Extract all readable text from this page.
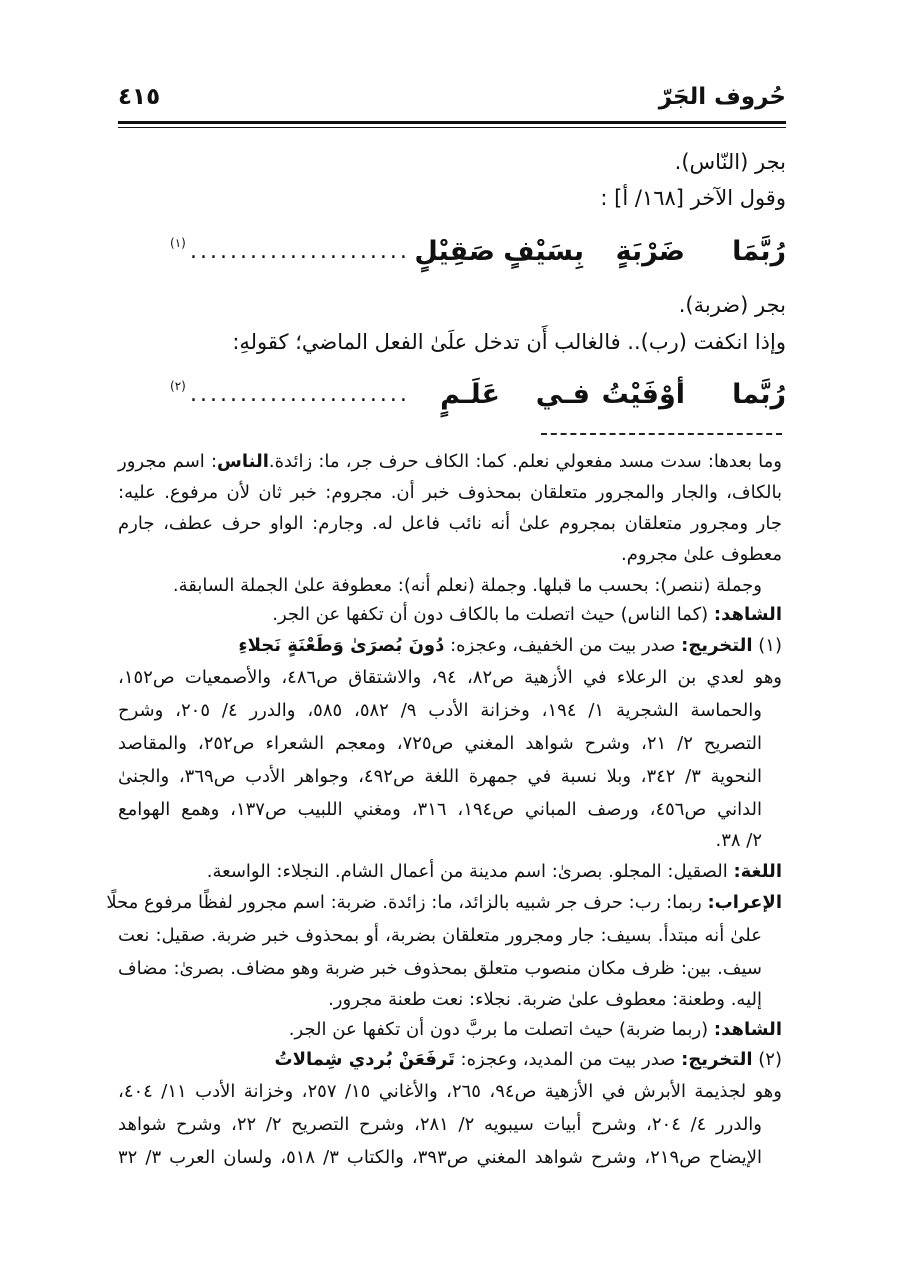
حُروف الجَرّ
٤١٥
بجر (النّاس).
وقول الآخر [١٦٨/ أ] :
رُبَّمَا
ضَرْبَةٍ
بِسَيْفٍ
صَقِيْلٍ
......................
(١)
بجر (ضربة).
وإذا انكفت (رب).. فالغالب أَن تدخل علَىٰ الفعل الماضي؛ كقولهِ:
رُبَّما
أوْفَيْتُ
فـي
عَلَـمٍ
......................
(٢)
وما بعدها: سدت مسد مفعولي نعلم. كما: الكاف حرف جر، ما: زائدة.الناس: اسم مجرور
بالكاف، والجار والمجرور متعلقان بمحذوف خبر أن. مجروم: خبر ثان لأن مرفوع. عليه:
جار ومجرور متعلقان بمجروم علىٰ أنه نائب فاعل له. وجارم: الواو حرف عطف، جارم
معطوف علىٰ مجروم.
وجملة (ننصر): بحسب ما قبلها. وجملة (نعلم أنه): معطوفة علىٰ الجملة السابقة.
الشاهد: (كما الناس) حيث اتصلت ما بالكاف دون أن تكفها عن الجر.
(١) التخريج: صدر بيت من الخفيف، وعجزه: دُونَ بُصرَىٰ وَطَعْنَةٍ نَجلاءِ
وهو لعدي بن الرعلاء في الأزهية ص٨٢، ٩٤، والاشتقاق ص٤٨٦، والأصمعيات ص١٥٢،
والحماسة الشجرية ١/ ١٩٤، وخزانة الأدب ٩/ ٥٨٢، ٥٨٥، والدرر ٤/ ٢٠٥، وشرح
التصريح ٢/ ٢١، وشرح شواهد المغني ص٧٢٥، ومعجم الشعراء ص٢٥٢، والمقاصد
النحوية ٣/ ٣٤٢، وبلا نسبة في جمهرة اللغة ص٤٩٢، وجواهر الأدب ص٣٦٩، والجنىٰ
الداني ص٤٥٦، ورصف المباني ص١٩٤، ٣١٦، ومغني اللبيب ص١٣٧، وهمع الهوامع
٢/ ٣٨.
اللغة: الصقيل: المجلو. بصرىٰ: اسم مدينة من أعمال الشام. النجلاء: الواسعة.
الإعراب: ربما: رب: حرف جر شبيه بالزائد، ما: زائدة. ضربة: اسم مجرور لفظًا مرفوع محلًا
علىٰ أنه مبتدأ. بسيف: جار ومجرور متعلقان بضربة، أو بمحذوف خبر ضربة. صقيل: نعت
سيف. بين: ظرف مكان منصوب متعلق بمحذوف خبر ضربة وهو مضاف. بصرىٰ: مضاف
إليه. وطعنة: معطوف علىٰ ضربة. نجلاء: نعت طعنة مجرور.
الشاهد: (ربما ضربة) حيث اتصلت ما بربَّ دون أن تكفها عن الجر.
(٢) التخريج: صدر بيت من المديد، وعجزه: تَرفَعَنْ بُردي شِمالاتُ
وهو لجذيمة الأبرش في الأزهية ص٩٤، ٢٦٥، والأغاني ١٥/ ٢٥٧، وخزانة الأدب ١١/ ٤٠٤،
والدرر ٤/ ٢٠٤، وشرح أبيات سيبويه ٢/ ٢٨١، وشرح التصريح ٢/ ٢٢، وشرح شواهد
الإيضاح ص٢١٩، وشرح شواهد المغني ص٣٩٣، والكتاب ٣/ ٥١٨، ولسان العرب ٣/ ٣٢
